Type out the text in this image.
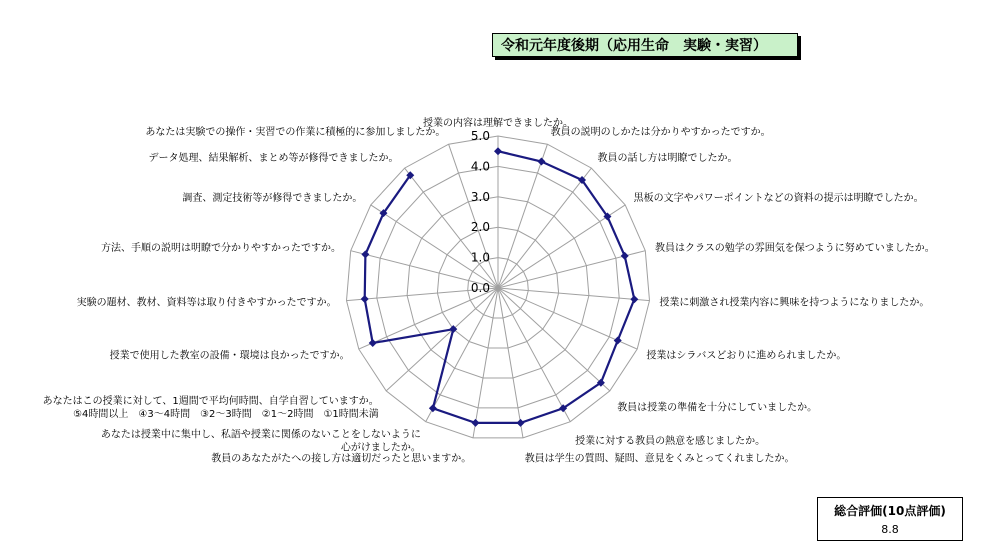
令和元年度後期（応用生命　実験・実習）
0.0
1.0
2.0
3.0
4.0
5.0
授業の内容は理解できましたか。
教員の説明のしかたは分かりやすかったですか。
教員の話し方は明瞭でしたか。
黒板の文字やパワーポイントなどの資料の提示は明瞭でしたか。
教員はクラスの勉学の雰囲気を保つように努めていましたか。
授業に刺激され授業内容に興味を持つようになりましたか。
授業はシラバスどおりに進められましたか。
教員は授業の準備を十分にしていましたか。
授業に対する教員の熱意を感じましたか。
教員は学生の質問、疑問、意見をくみとってくれましたか。
教員のあなたがたへの接し方は適切だったと思いますか。
あなたは授業中に集中し、私語や授業に関係のないことをしないように
心がけましたか。
あなたはこの授業に対して、1週間で平均何時間、自学自習していますか。
⑤4時間以上　④3～4時間　③2～3時間　②1～2時間　①1時間未満
授業で使用した教室の設備・環境は良かったですか。
実験の題材、教材、資料等は取り付きやすかったですか。
方法、手順の説明は明瞭で分かりやすかったですか。
調査、測定技術等が修得できましたか。
データ処理、結果解析、まとめ等が修得できましたか。
あなたは実験での操作・実習での作業に積極的に参加しましたか。
総合評価(10点評価)
8.8
